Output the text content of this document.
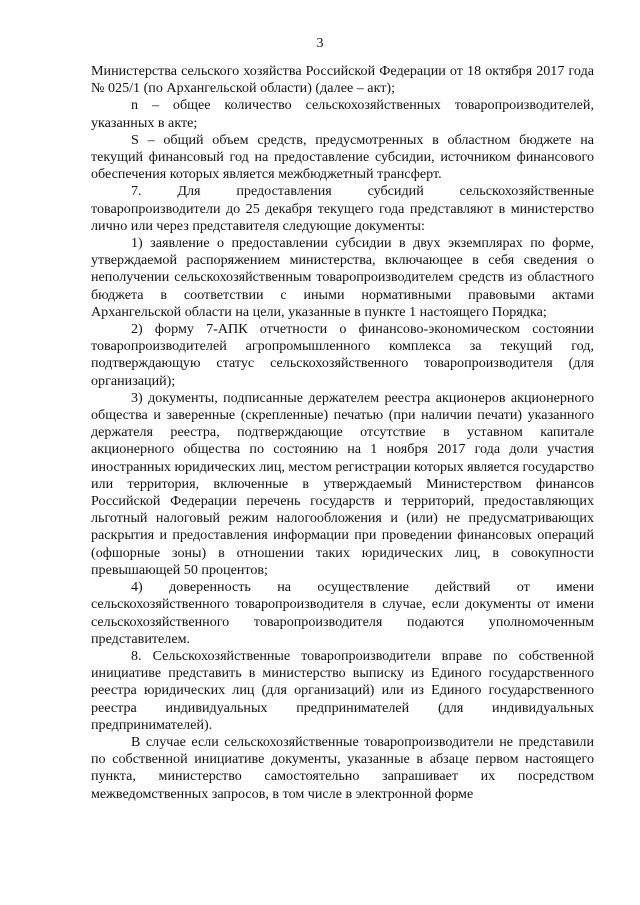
3

Министерства сельского хозяйства Российской Федерации от 18 октября 2017 года № 025/1 (по Архангельской области) (далее – акт);

n – общее количество сельскохозяйственных товаропроизводителей, указанных в акте;

S – общий объем средств, предусмотренных в областном бюджете на текущий финансовый год на предоставление субсидии, источником финансового обеспечения которых является межбюджетный трансферт.

7. Для предоставления субсидий сельскохозяйственные товаропроизводители до 25 декабря текущего года представляют в министерство лично или через представителя следующие документы:

1) заявление о предоставлении субсидии в двух экземплярах по форме, утверждаемой распоряжением министерства, включающее в себя сведения о неполучении сельскохозяйственным товаропроизводителем средств из областного бюджета в соответствии с иными нормативными правовыми актами Архангельской области на цели, указанные в пункте 1 настоящего Порядка;

2) форму 7-АПК отчетности о финансово-экономическом состоянии товаропроизводителей агропромышленного комплекса за текущий год, подтверждающую статус сельскохозяйственного товаропроизводителя (для организаций);

3) документы, подписанные держателем реестра акционеров акционерного общества и заверенные (скрепленные) печатью (при наличии печати) указанного держателя реестра, подтверждающие отсутствие в уставном капитале акционерного общества по состоянию на 1 ноября 2017 года доли участия иностранных юридических лиц, местом регистрации которых является государство или территория, включенные в утверждаемый Министерством финансов Российской Федерации перечень государств и территорий, предоставляющих льготный налоговый режим налогообложения и (или) не предусматривающих раскрытия и предоставления информации при проведении финансовых операций (офшорные зоны) в отношении таких юридических лиц, в совокупности превышающей 50 процентов;

4) доверенность на осуществление действий от имени сельскохозяйственного товаропроизводителя в случае, если документы от имени сельскохозяйственного товаропроизводителя подаются уполномоченным представителем.

8. Сельскохозяйственные товаропроизводители вправе по собственной инициативе представить в министерство выписку из Единого государственного реестра юридических лиц (для организаций) или из Единого государственного реестра индивидуальных предпринимателей (для индивидуальных предпринимателей).

В случае если сельскохозяйственные товаропроизводители не представили по собственной инициативе документы, указанные в абзаце первом настоящего пункта, министерство самостоятельно запрашивает их посредством межведомственных запросов, в том числе в электронной форме
